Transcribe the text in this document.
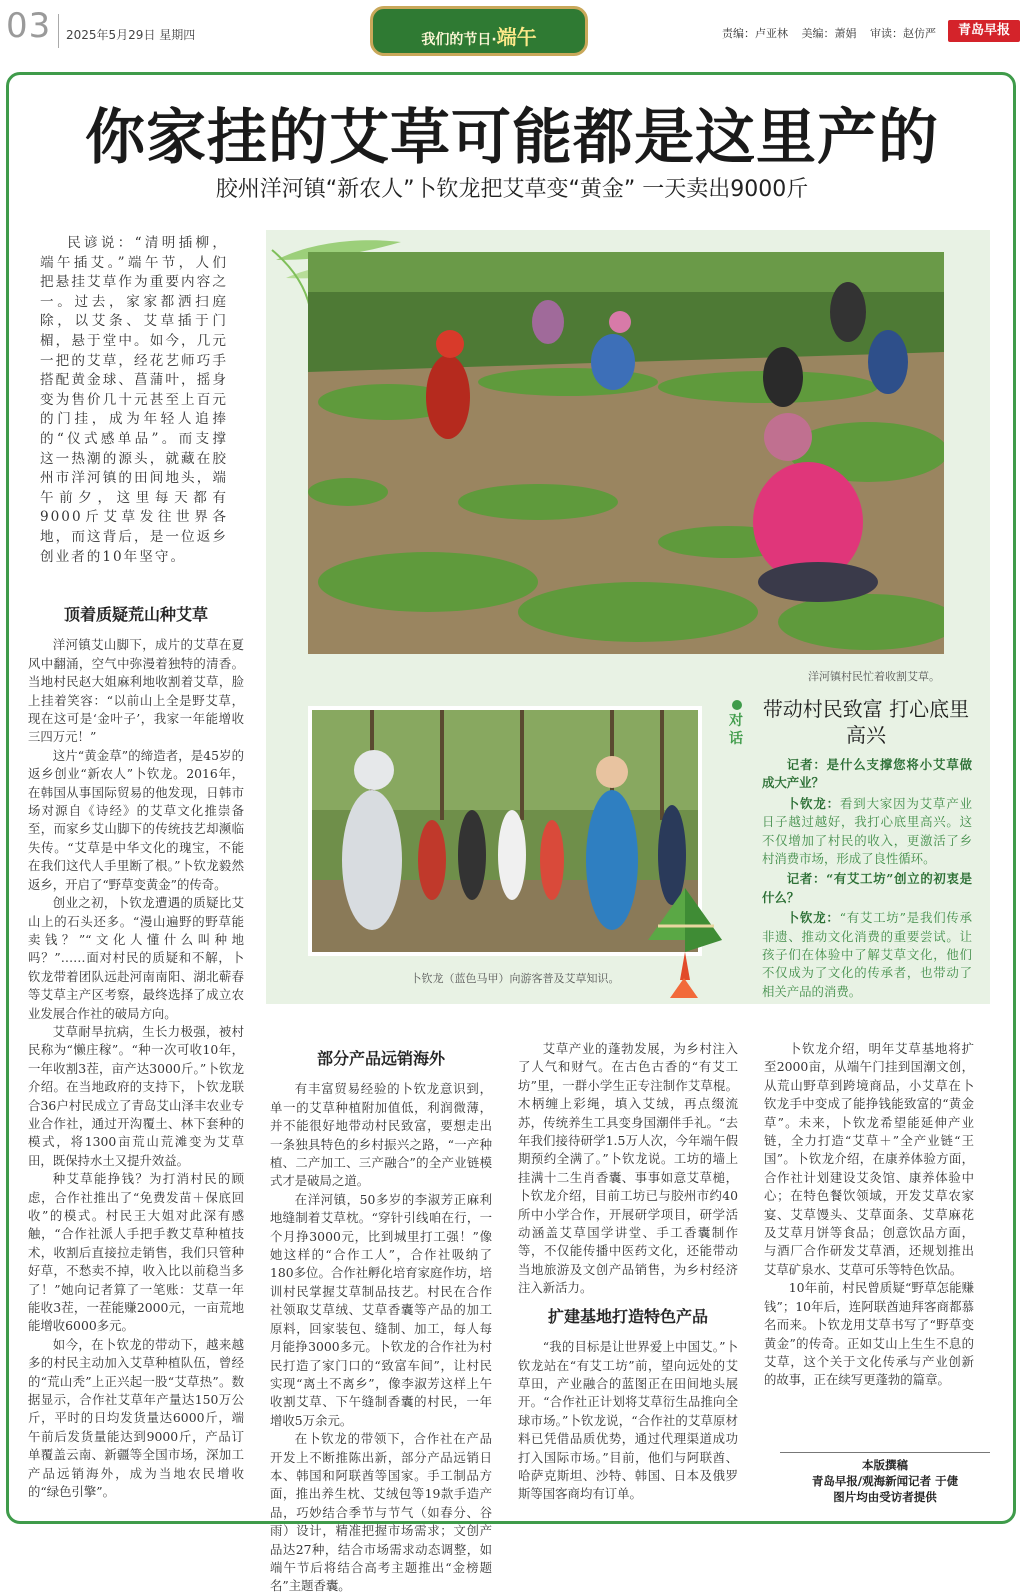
03 2025年5月29日 星期四	我们的节日·端午	责编：卢亚林 美编：萧娟 审读：赵仿严	青岛早报
你家挂的艾草可能都是这里产的
胶州洋河镇“新农人”卜钦龙把艾草变“黄金” 一天卖出9000斤

民谚说：“清明插柳，端午插艾。”端午节，人们把悬挂艾草作为重要内容之一。过去，家家都洒扫庭除，以艾条、艾草插于门楣，悬于堂中。如今，几元一把的艾草，经花艺师巧手搭配黄金球、菖蒲叶，摇身变为售价几十元甚至上百元的门挂，成为年轻人追捧的“仪式感单品”。而支撑这一热潮的源头，就藏在胶州市洋河镇的田间地头，端午前夕，这里每天都有9000斤艾草发往世界各地，而这背后，是一位返乡创业者的10年坚守。

顶着质疑荒山种艾草

洋河镇艾山脚下，成片的艾草在夏风中翻涌，空气中弥漫着独特的清香。当地村民赵大姐麻利地收割着艾草，脸上挂着笑容：“以前山上全是野艾草，现在这可是‘金叶子’，我家一年能增收三四万元！”

这片“黄金草”的缔造者，是45岁的返乡创业“新农人”卜钦龙。2016年，在韩国从事国际贸易的他发现，日韩市场对源自《诗经》的艾草文化推崇备至，而家乡艾山脚下的传统技艺却濒临失传。“艾草是中华文化的瑰宝，不能在我们这代人手里断了根。”卜钦龙毅然返乡，开启了“野草变黄金”的传奇。

创业之初，卜钦龙遭遇的质疑比艾山上的石头还多。“漫山遍野的野草能卖钱？”“文化人懂什么叫种地吗？”……面对村民的质疑和不解，卜钦龙带着团队远赴河南南阳、湖北蕲春等艾草主产区考察，最终选择了成立农业发展合作社的破局方向。

艾草耐旱抗病，生长力极强，被村民称为“懒庄稼”。“种一次可收10年，一年收割3茬，亩产达3000斤。”卜钦龙介绍。在当地政府的支持下，卜钦龙联合36户村民成立了青岛艾山泽丰农业专业合作社，通过开沟覆土、林下套种的模式，将1300亩荒山荒滩变为艾草田，既保持水土又提升效益。

种艾草能挣钱？为打消村民的顾虑，合作社推出了“免费发苗＋保底回收”的模式。村民王大姐对此深有感触，“合作社派人手把手教艾草种植技术，收割后直接拉走销售，我们只管种好草，不愁卖不掉，收入比以前稳当多了！”她向记者算了一笔账：艾草一年能收3茬，一茬能赚2000元，一亩荒地能增收6000多元。

如今，在卜钦龙的带动下，越来越多的村民主动加入艾草种植队伍，曾经的“荒山秃”上正兴起一股“艾草热”。数据显示，合作社艾草年产量达150万公斤，平时的日均发货量达6000斤，端午前后发货量能达到9000斤，产品订单覆盖云南、新疆等全国市场，深加工产品远销海外，成为当地农民增收的“绿色引擎”。

洋河镇村民忙着收割艾草。
卜钦龙（蓝色马甲）向游客普及艾草知识。
对话
带动村民致富 打心底里高兴

记者：是什么支撑您将小艾草做成大产业？

卜钦龙：看到大家因为艾草产业日子越过越好，我打心底里高兴。这不仅增加了村民的收入，更激活了乡村消费市场，形成了良性循环。

记者：“有艾工坊”创立的初衷是什么？

卜钦龙：“有艾工坊”是我们传承非遗、推动文化消费的重要尝试。让孩子们在体验中了解艾草文化，他们不仅成为了文化的传承者，也带动了相关产品的消费。

部分产品远销海外

有丰富贸易经验的卜钦龙意识到，单一的艾草种植附加值低，利润微薄，并不能很好地带动村民致富，要想走出一条独具特色的乡村振兴之路，“一产种植、二产加工、三产融合”的全产业链模式才是破局之道。

在洋河镇，50多岁的李淑芳正麻利地缝制着艾草枕。“穿针引线咱在行，一个月挣3000元，比到城里打工强！”像她这样的“合作工人”，合作社吸纳了180多位。合作社孵化培育家庭作坊，培训村民掌握艾草制品技艺。村民在合作社领取艾草绒、艾草香囊等产品的加工原料，回家装包、缝制、加工，每人每月能挣3000多元。卜钦龙的合作社为村民打造了家门口的“致富车间”，让村民实现“离土不离乡”，像李淑芳这样上午收割艾草、下午缝制香囊的村民，一年增收5万余元。

在卜钦龙的带领下，合作社在产品开发上不断推陈出新，部分产品远销日本、韩国和阿联酋等国家。手工制品方面，推出养生枕、艾绒包等19款手造产品，巧妙结合季节与节气（如春分、谷雨）设计，精准把握市场需求；文创产品达27种，结合市场需求动态调整，如端午节后将结合高考主题推出“金榜题名”主题香囊。

艾草产业的蓬勃发展，为乡村注入了人气和财气。在古色古香的“有艾工坊”里，一群小学生正专注制作艾草棍。木柄缠上彩绳，填入艾绒，再点缀流苏，传统养生工具变身国潮伴手礼。“去年我们接待研学1.5万人次，今年端午假期预约全满了。”卜钦龙说。工坊的墙上挂满十二生肖香囊、事事如意艾草槌，卜钦龙介绍，目前工坊已与胶州市约40所中小学合作，开展研学项目，研学活动涵盖艾草国学讲堂、手工香囊制作等，不仅能传播中医药文化，还能带动当地旅游及文创产品销售，为乡村经济注入新活力。

扩建基地打造特色产品

“我的目标是让世界爱上中国艾。”卜钦龙站在“有艾工坊”前，望向远处的艾草田，产业融合的蓝图正在田间地头展开。“合作社正计划将艾草衍生品推向全球市场。”卜钦龙说，“合作社的艾草原材料已凭借品质优势，通过代理渠道成功打入国际市场。”目前，他们与阿联酋、哈萨克斯坦、沙特、韩国、日本及俄罗斯等国客商均有订单。

卜钦龙介绍，明年艾草基地将扩至2000亩，从端午门挂到国潮文创，从荒山野草到跨境商品，小艾草在卜钦龙手中变成了能挣钱能致富的“黄金草”。未来，卜钦龙希望能延伸产业链，全力打造“艾草＋”全产业链“王国”。卜钦龙介绍，在康养体验方面，合作社计划建设艾灸馆、康养体验中心；在特色餐饮领域，开发艾草农家宴、艾草馒头、艾草面条、艾草麻花及艾草月饼等食品；创意饮品方面，与酒厂合作研发艾草酒，还规划推出艾草矿泉水、艾草可乐等特色饮品。

10年前，村民曾质疑“野草怎能赚钱”；10年后，连阿联酋迪拜客商都慕名而来。卜钦龙用艾草书写了“野草变黄金”的传奇。正如艾山上生生不息的艾草，这个关于文化传承与产业创新的故事，正在续写更蓬勃的篇章。

本版撰稿
青岛早报/观海新闻记者 于倢
图片均由受访者提供
